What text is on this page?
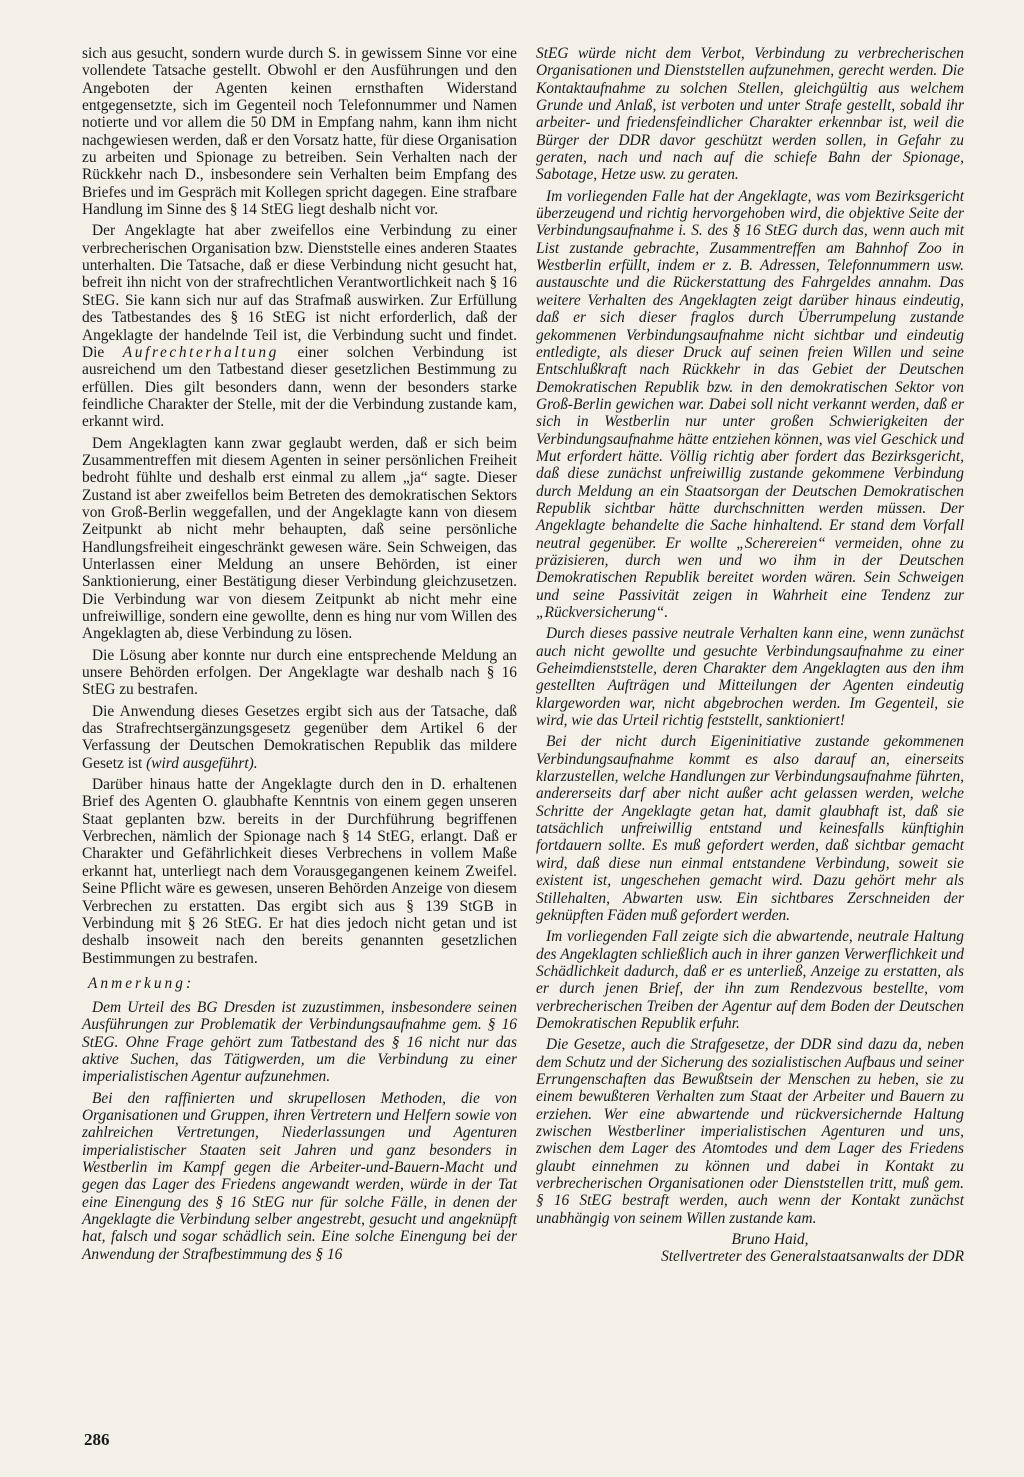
sich aus gesucht, sondern wurde durch S. in gewissem Sinne vor eine vollendete Tatsache gestellt. Obwohl er den Ausführungen und den Angeboten der Agenten keinen ernsthaften Widerstand entgegensetzte, sich im Gegenteil noch Telefonnummer und Namen notierte und vor allem die 50 DM in Empfang nahm, kann ihm nicht nachgewiesen werden, daß er den Vorsatz hatte, für diese Organisation zu arbeiten und Spionage zu betreiben. Sein Verhalten nach der Rückkehr nach D., insbesondere sein Verhalten beim Empfang des Briefes und im Gespräch mit Kollegen spricht dagegen. Eine strafbare Handlung im Sinne des § 14 StEG liegt deshalb nicht vor.

Der Angeklagte hat aber zweifellos eine Verbindung zu einer verbrecherischen Organisation bzw. Dienststelle eines anderen Staates unterhalten. Die Tatsache, daß er diese Verbindung nicht gesucht hat, befreit ihn nicht von der strafrechtlichen Verantwortlichkeit nach § 16 StEG. Sie kann sich nur auf das Strafmaß auswirken. Zur Erfüllung des Tatbestandes des § 16 StEG ist nicht erforderlich, daß der Angeklagte der handelnde Teil ist, die Verbindung sucht und findet. Die Aufrechterhaltung einer solchen Verbindung ist ausreichend um den Tatbestand dieser gesetzlichen Bestimmung zu erfüllen. Dies gilt besonders dann, wenn der besonders starke feindliche Charakter der Stelle, mit der die Verbindung zustande kam, erkannt wird.

Dem Angeklagten kann zwar geglaubt werden, daß er sich beim Zusammentreffen mit diesem Agenten in seiner persönlichen Freiheit bedroht fühlte und deshalb erst einmal zu allem „ja“ sagte. Dieser Zustand ist aber zweifellos beim Betreten des demokratischen Sektors von Groß-Berlin weggefallen, und der Angeklagte kann von diesem Zeitpunkt ab nicht mehr behaupten, daß seine persönliche Handlungsfreiheit eingeschränkt gewesen wäre. Sein Schweigen, das Unterlassen einer Meldung an unsere Behörden, ist einer Sanktionierung, einer Bestätigung dieser Verbindung gleichzusetzen. Die Verbindung war von diesem Zeitpunkt ab nicht mehr eine unfreiwillige, sondern eine gewollte, denn es hing nur vom Willen des Angeklagten ab, diese Verbindung zu lösen.

Die Lösung aber konnte nur durch eine entsprechende Meldung an unsere Behörden erfolgen. Der Angeklagte war deshalb nach § 16 StEG zu bestrafen.

Die Anwendung dieses Gesetzes ergibt sich aus der Tatsache, daß das Strafrechtsergänzungsgesetz gegenüber dem Artikel 6 der Verfassung der Deutschen Demokratischen Republik das mildere Gesetz ist (wird ausgeführt).

Darüber hinaus hatte der Angeklagte durch den in D. erhaltenen Brief des Agenten O. glaubhafte Kenntnis von einem gegen unseren Staat geplanten bzw. bereits in der Durchführung begriffenen Verbrechen, nämlich der Spionage nach § 14 StEG, erlangt. Daß er Charakter und Gefährlichkeit dieses Verbrechens in vollem Maße erkannt hat, unterliegt nach dem Vorausgegangenen keinem Zweifel. Seine Pflicht wäre es gewesen, unseren Behörden Anzeige von diesem Verbrechen zu erstatten. Das ergibt sich aus § 139 StGB in Verbindung mit § 26 StEG. Er hat dies jedoch nicht getan und ist deshalb insoweit nach den bereits genannten gesetzlichen Bestimmungen zu bestrafen.

Anmerkung:

Dem Urteil des BG Dresden ist zuzustimmen, insbesondere seinen Ausführungen zur Problematik der Verbindungsaufnahme gem. § 16 StEG. Ohne Frage gehört zum Tatbestand des § 16 nicht nur das aktive Suchen, das Tätigwerden, um die Verbindung zu einer imperialistischen Agentur aufzunehmen.

Bei den raffinierten und skrupellosen Methoden, die von Organisationen und Gruppen, ihren Vertretern und Helfern sowie von zahlreichen Vertretungen, Niederlassungen und Agenturen imperialistischer Staaten seit Jahren und ganz besonders in Westberlin im Kampf gegen die Arbeiter-und-Bauern-Macht und gegen das Lager des Friedens angewandt werden, würde in der Tat eine Einengung des § 16 StEG nur für solche Fälle, in denen der Angeklagte die Verbindung selber angestrebt, gesucht und angeknüpft hat, falsch und sogar schädlich sein. Eine solche Einengung bei der Anwendung der Strafbestimmung des § 16

StEG würde nicht dem Verbot, Verbindung zu verbrecherischen Organisationen und Dienststellen aufzunehmen, gerecht werden. Die Kontaktaufnahme zu solchen Stellen, gleichgültig aus welchem Grunde und Anlaß, ist verboten und unter Strafe gestellt, sobald ihr arbeiter- und friedensfeindlicher Charakter erkennbar ist, weil die Bürger der DDR davor geschützt werden sollen, in Gefahr zu geraten, nach und nach auf die schiefe Bahn der Spionage, Sabotage, Hetze usw. zu geraten.

Im vorliegenden Falle hat der Angeklagte, was vom Bezirksgericht überzeugend und richtig hervorgehoben wird, die objektive Seite der Verbindungsaufnahme i. S. des § 16 StEG durch das, wenn auch mit List zustande gebrachte, Zusammentreffen am Bahnhof Zoo in Westberlin erfüllt, indem er z. B. Adressen, Telefonnummern usw. austauschte und die Rückerstattung des Fahrgeldes annahm. Das weitere Verhalten des Angeklagten zeigt darüber hinaus eindeutig, daß er sich dieser fraglos durch Überrumpelung zustande gekommenen Verbindungsaufnahme nicht sichtbar und eindeutig entledigte, als dieser Druck auf seinen freien Willen und seine Entschlußkraft nach Rückkehr in das Gebiet der Deutschen Demokratischen Republik bzw. in den demokratischen Sektor von Groß-Berlin gewichen war. Dabei soll nicht verkannt werden, daß er sich in Westberlin nur unter großen Schwierigkeiten der Verbindungsaufnahme hätte entziehen können, was viel Geschick und Mut erfordert hätte. Völlig richtig aber fordert das Bezirksgericht, daß diese zunächst unfreiwillig zustande gekommene Verbindung durch Meldung an ein Staatsorgan der Deutschen Demokratischen Republik sichtbar hätte durchschnitten werden müssen. Der Angeklagte behandelte die Sache hinhaltend. Er stand dem Vorfall neutral gegenüber. Er wollte „Scherereien“ vermeiden, ohne zu präzisieren, durch wen und wo ihm in der Deutschen Demokratischen Republik bereitet worden wären. Sein Schweigen und seine Passivität zeigen in Wahrheit eine Tendenz zur „Rückversicherung“.

Durch dieses passive neutrale Verhalten kann eine, wenn zunächst auch nicht gewollte und gesuchte Verbindungsaufnahme zu einer Geheimdienststelle, deren Charakter dem Angeklagten aus den ihm gestellten Aufträgen und Mitteilungen der Agenten eindeutig klargeworden war, nicht abgebrochen werden. Im Gegenteil, sie wird, wie das Urteil richtig feststellt, sanktioniert!

Bei der nicht durch Eigeninitiative zustande gekommenen Verbindungsaufnahme kommt es also darauf an, einerseits klarzustellen, welche Handlungen zur Verbindungsaufnahme führten, andererseits darf aber nicht außer acht gelassen werden, welche Schritte der Angeklagte getan hat, damit glaubhaft ist, daß sie tatsächlich unfreiwillig entstand und keinesfalls künftighin fortdauern sollte. Es muß gefordert werden, daß sichtbar gemacht wird, daß diese nun einmal entstandene Verbindung, soweit sie existent ist, ungeschehen gemacht wird. Dazu gehört mehr als Stillehalten, Abwarten usw. Ein sichtbares Zerschneiden der geknüpften Fäden muß gefordert werden.

Im vorliegenden Fall zeigte sich die abwartende, neutrale Haltung des Angeklagten schließlich auch in ihrer ganzen Verwerflichkeit und Schädlichkeit dadurch, daß er es unterließ, Anzeige zu erstatten, als er durch jenen Brief, der ihn zum Rendezvous bestellte, vom verbrecherischen Treiben der Agentur auf dem Boden der Deutschen Demokratischen Republik erfuhr.

Die Gesetze, auch die Strafgesetze, der DDR sind dazu da, neben dem Schutz und der Sicherung des sozialistischen Aufbaus und seiner Errungenschaften das Bewußtsein der Menschen zu heben, sie zu einem bewußteren Verhalten zum Staat der Arbeiter und Bauern zu erziehen. Wer eine abwartende und rückversichernde Haltung zwischen Westberliner imperialistischen Agenturen und uns, zwischen dem Lager des Atomtodes und dem Lager des Friedens glaubt einnehmen zu können und dabei in Kontakt zu verbrecherischen Organisationen oder Dienststellen tritt, muß gem. § 16 StEG bestraft werden, auch wenn der Kontakt zunächst unabhängig von seinem Willen zustande kam.

Bruno Haid,
Stellvertreter des Generalstaatsanwalts der DDR
286
